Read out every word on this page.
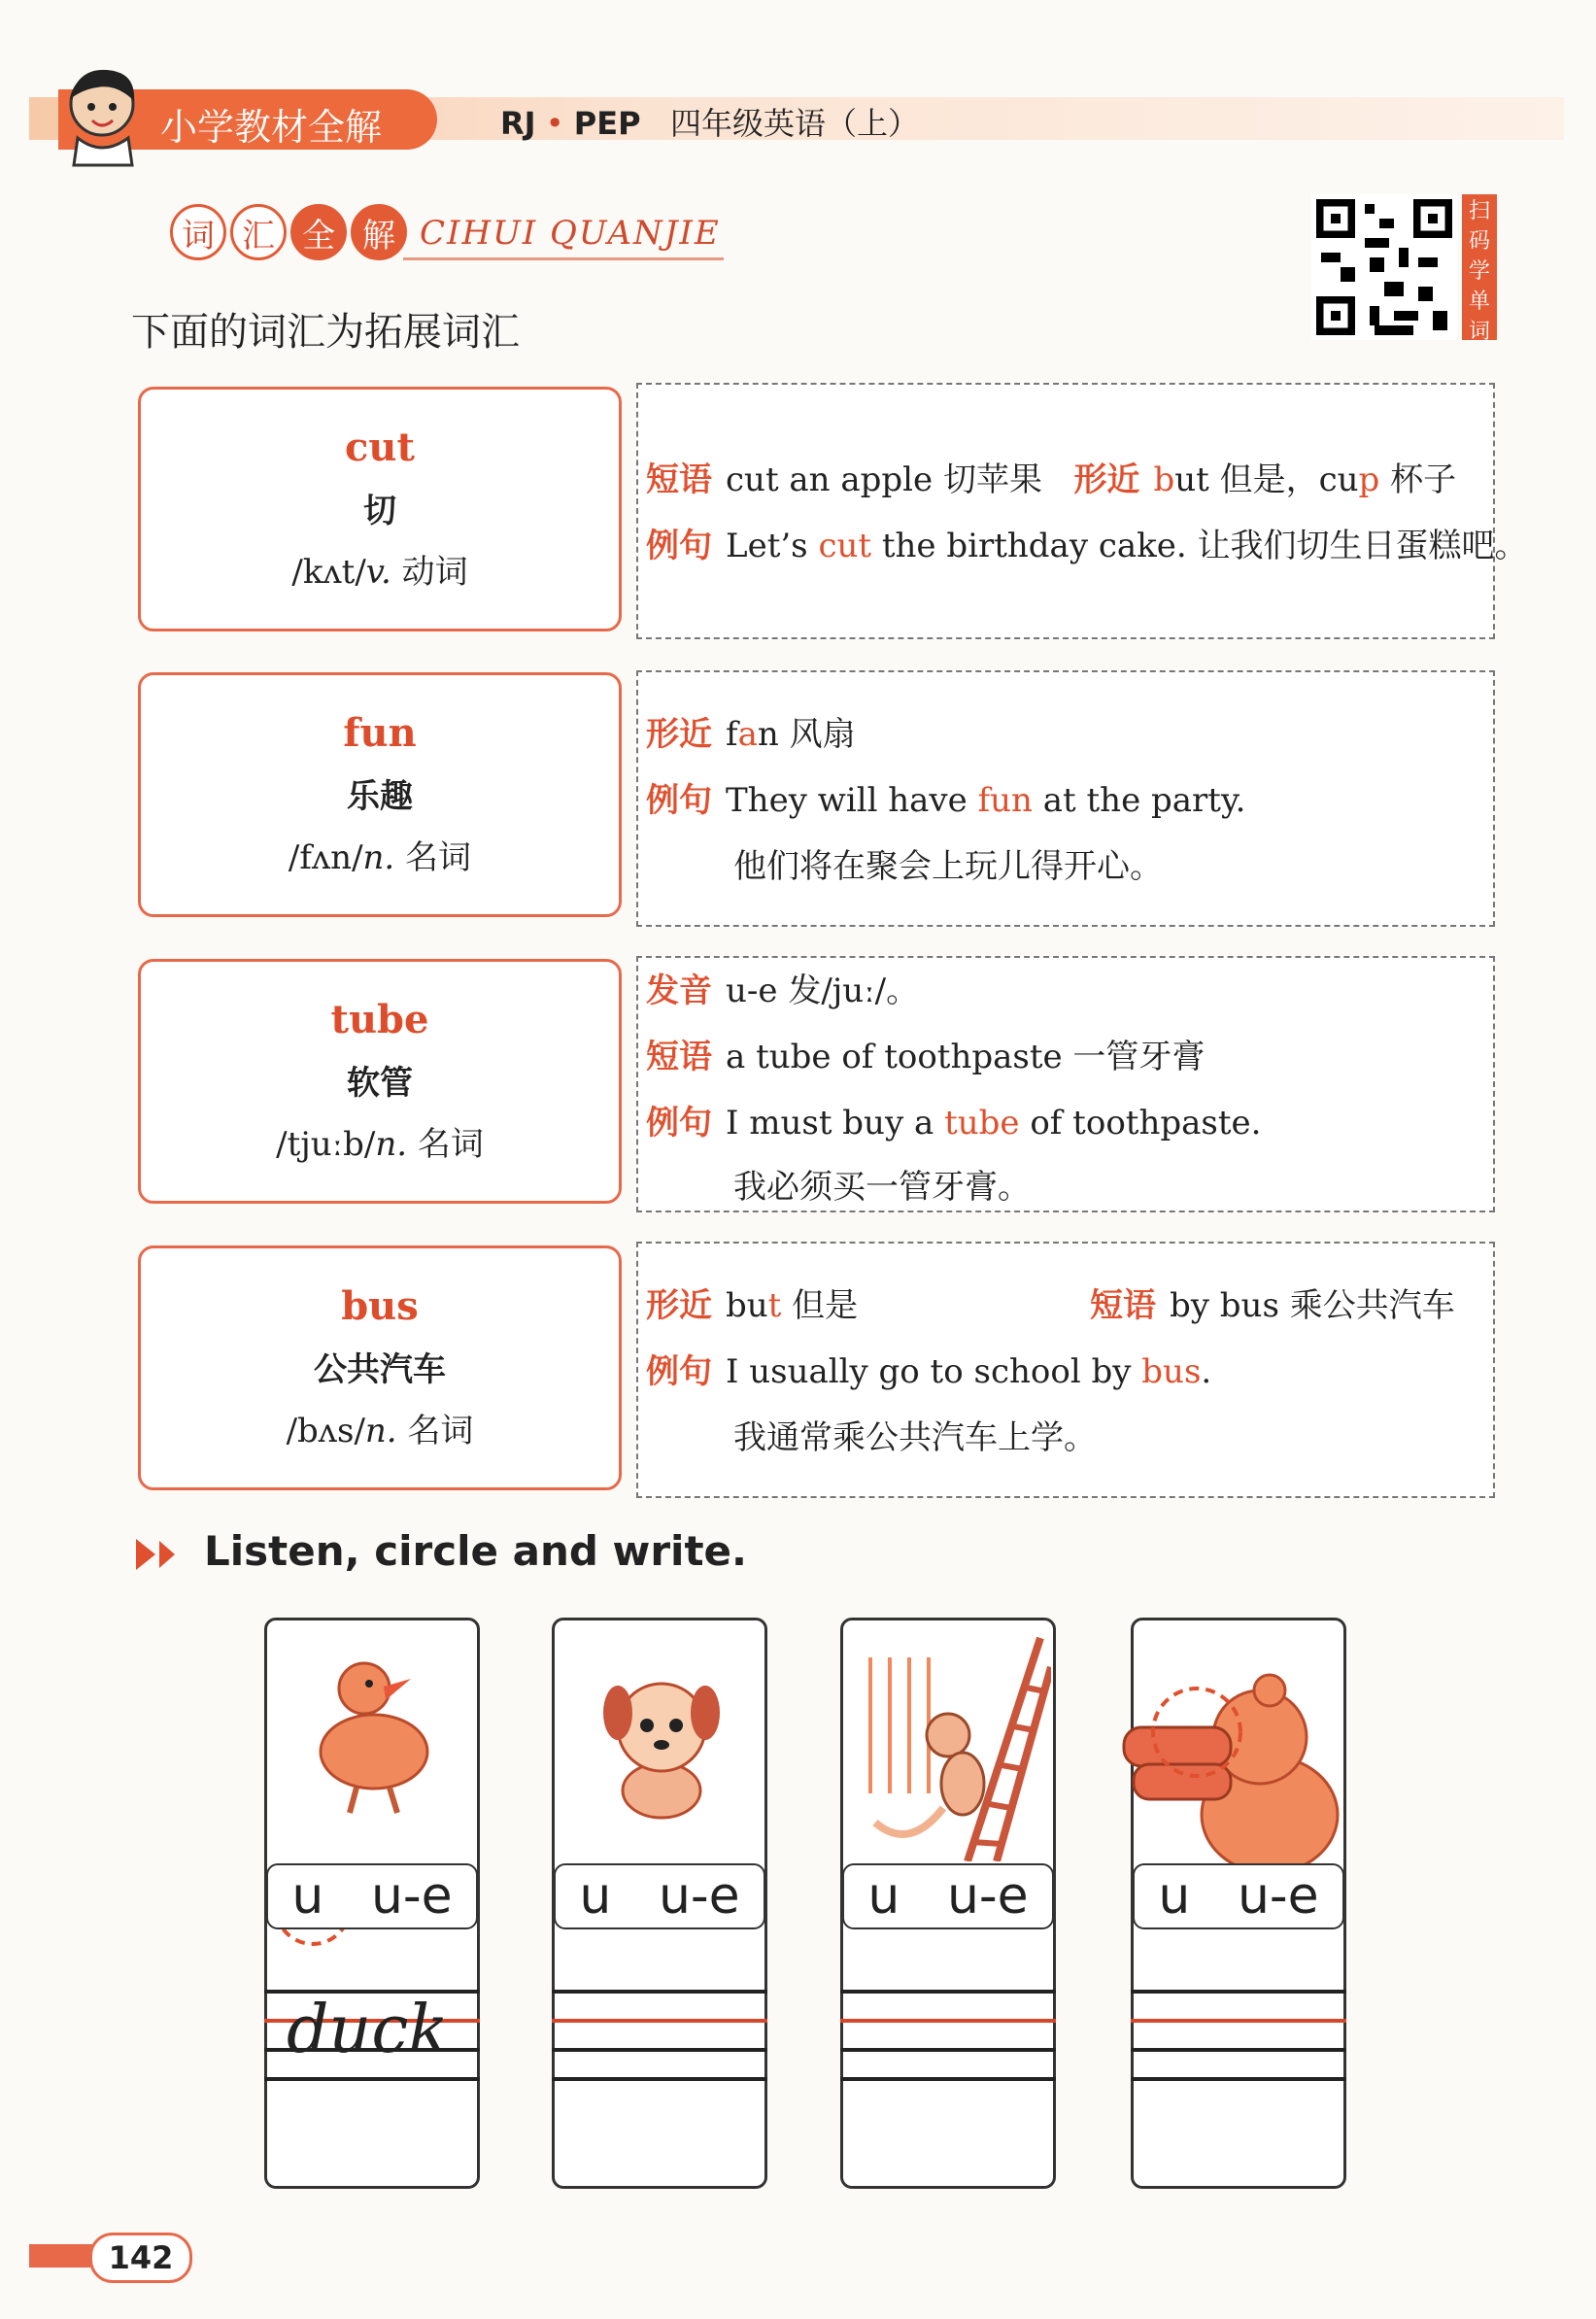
小学教材全解	RJ • PEP 四年级英语（上）
词 汇 全 解 CIHUI QUANJIE
扫
码
学
单
词
下面的词汇为拓展词汇
cut
切
/kʌt/v. 动词
短语 cut an apple 切苹果 形近 but 但是，cup 杯子
例句 Let’s cut the birthday cake. 让我们切生日蛋糕吧。
fun
乐趣
/fʌn/n. 名词
形近 fan 风扇
例句 They will have fun at the party.
他们将在聚会上玩儿得开心。
tube
软管
/tjuːb/n. 名词
发音 u-e 发/juː/。
短语 a tube of toothpaste 一管牙膏
例句 I must buy a tube of toothpaste.
我必须买一管牙膏。
bus
公共汽车
/bʌs/n. 名词
形近 but 但是	短语 by bus 乘公共汽车
例句 I usually go to school by bus.
我通常乘公共汽车上学。
Listen, circle and write.
u u-e
duck
u u-e	u u-e	u u-e
142
